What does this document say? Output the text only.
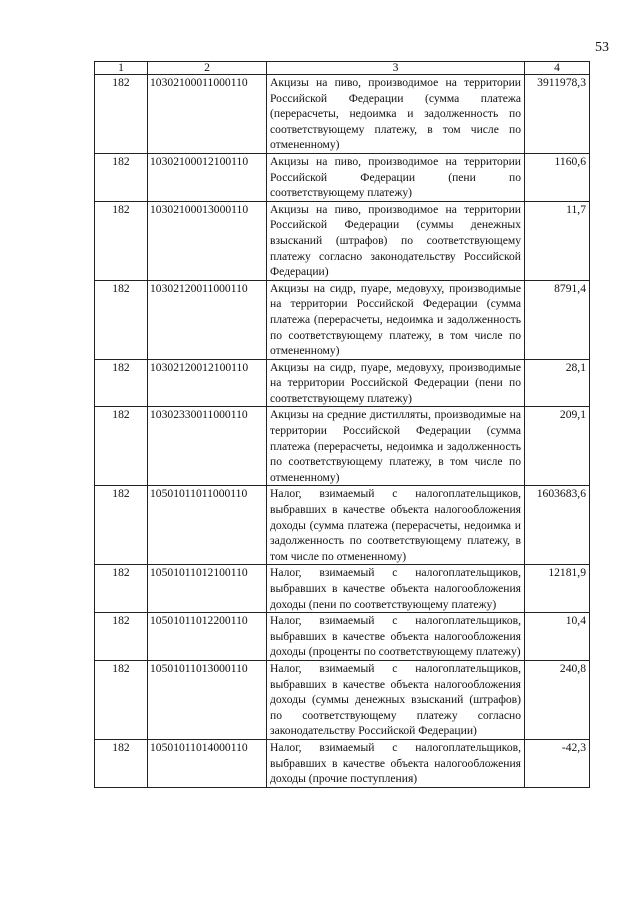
53
1	2	3	4
182	10302100011000110	Акцизы на пиво, производимое на территории Российской Федерации (сумма платежа (перерасчеты, недоимка и задолженность по соответствующему платежу, в том числе по отмененному)	3911978,3
182	10302100012100110	Акцизы на пиво, производимое на территории Российской Федерации (пени по соответствующему платежу)	1160,6
182	10302100013000110	Акцизы на пиво, производимое на территории Российской Федерации (суммы денежных взысканий (штрафов) по соответствующему платежу согласно законодательству Российской Федерации)	11,7
182	10302120011000110	Акцизы на сидр, пуаре, медовуху, производимые на территории Российской Федерации (сумма платежа (перерасчеты, недоимка и задолженность по соответствующему платежу, в том числе по отмененному)	8791,4
182	10302120012100110	Акцизы на сидр, пуаре, медовуху, производимые на территории Российской Федерации (пени по соответствующему платежу)	28,1
182	10302330011000110	Акцизы на средние дистилляты, производимые на территории Российской Федерации (сумма платежа (перерасчеты, недоимка и задолженность по соответствующему платежу, в том числе по отмененному)	209,1
182	10501011011000110	Налог, взимаемый с налогоплательщиков, выбравших в качестве объекта налогообложения доходы (сумма платежа (перерасчеты, недоимка и задолженность по соответствующему платежу, в том числе по отмененному)	1603683,6
182	10501011012100110	Налог, взимаемый с налогоплательщиков, выбравших в качестве объекта налогообложения доходы (пени по соответствующему платежу)	12181,9
182	10501011012200110	Налог, взимаемый с налогоплательщиков, выбравших в качестве объекта налогообложения доходы (проценты по соответствующему платежу)	10,4
182	10501011013000110	Налог, взимаемый с налогоплательщиков, выбравших в качестве объекта налогообложения доходы (суммы денежных взысканий (штрафов) по соответствующему платежу согласно законодательству Российской Федерации)	240,8
182	10501011014000110	Налог, взимаемый с налогоплательщиков, выбравших в качестве объекта налогообложения доходы (прочие поступления)	-42,3
